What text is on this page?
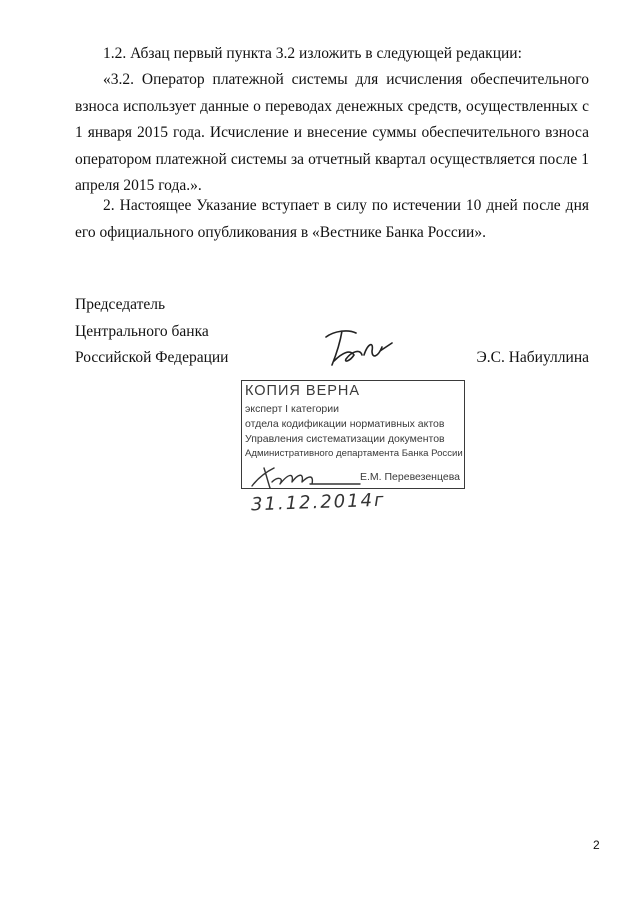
1.2. Абзац первый пункта 3.2 изложить в следующей редакции:

«3.2. Оператор платежной системы для исчисления обеспечительного взноса использует данные о переводах денежных средств, осуществленных с 1 января 2015 года. Исчисление и внесение суммы обеспечительного взноса оператором платежной системы за отчетный квартал осуществляется после 1 апреля 2015 года.».

2. Настоящее Указание вступает в силу по истечении 10 дней после дня его официального опубликования в «Вестнике Банка России».

Председатель
Центрального банка
Российской Федерации	Э.С. Набиуллина
КОПИЯ ВЕРНА
эксперт I категории
отдела кодификации нормативных актов
Управления систематизации документов
Административного департамента Банка России
Е.М. Перевезенцева
31.12.2014г
2
